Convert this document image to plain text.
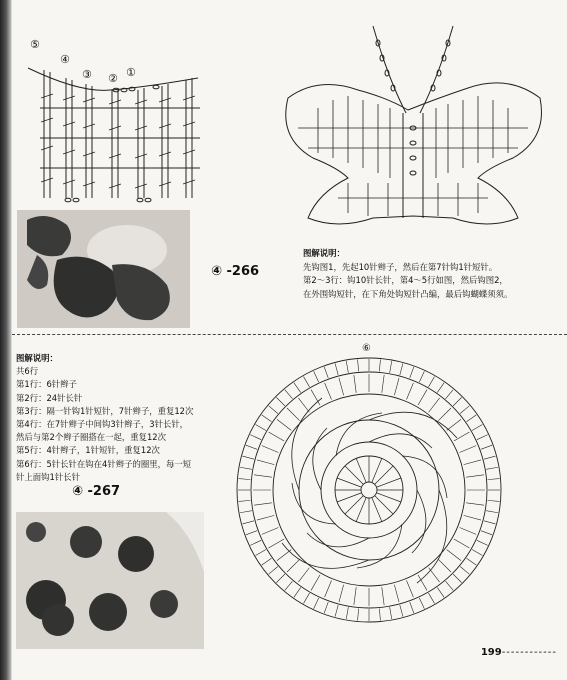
⑤
④
③ ② ①
④ -266
图解说明：
先钩图1，先起10针辫子，然后在第7针钩1针短针。
第2～3行：钩10针长针，第4～5行如图，然后钩图2，
在外围钩短针，在下角处钩短针凸编，最后钩蝴蝶须须。
图解说明：
共6行
第1行：6针辫子
第2行：24针长针
第3行：隔一针钩1针短针，7针辫子，重复12次
第4行：在7针辫子中间钩3针辫子，3针长针，
然后与第2个辫子圈搭在一起，重复12次
第5行：4针辫子，1针短针，重复12次
第6行：5针长针在钩在4针辫子的圈里，每一短
针上面钩1针长针
④ -267
⑥
199------------
